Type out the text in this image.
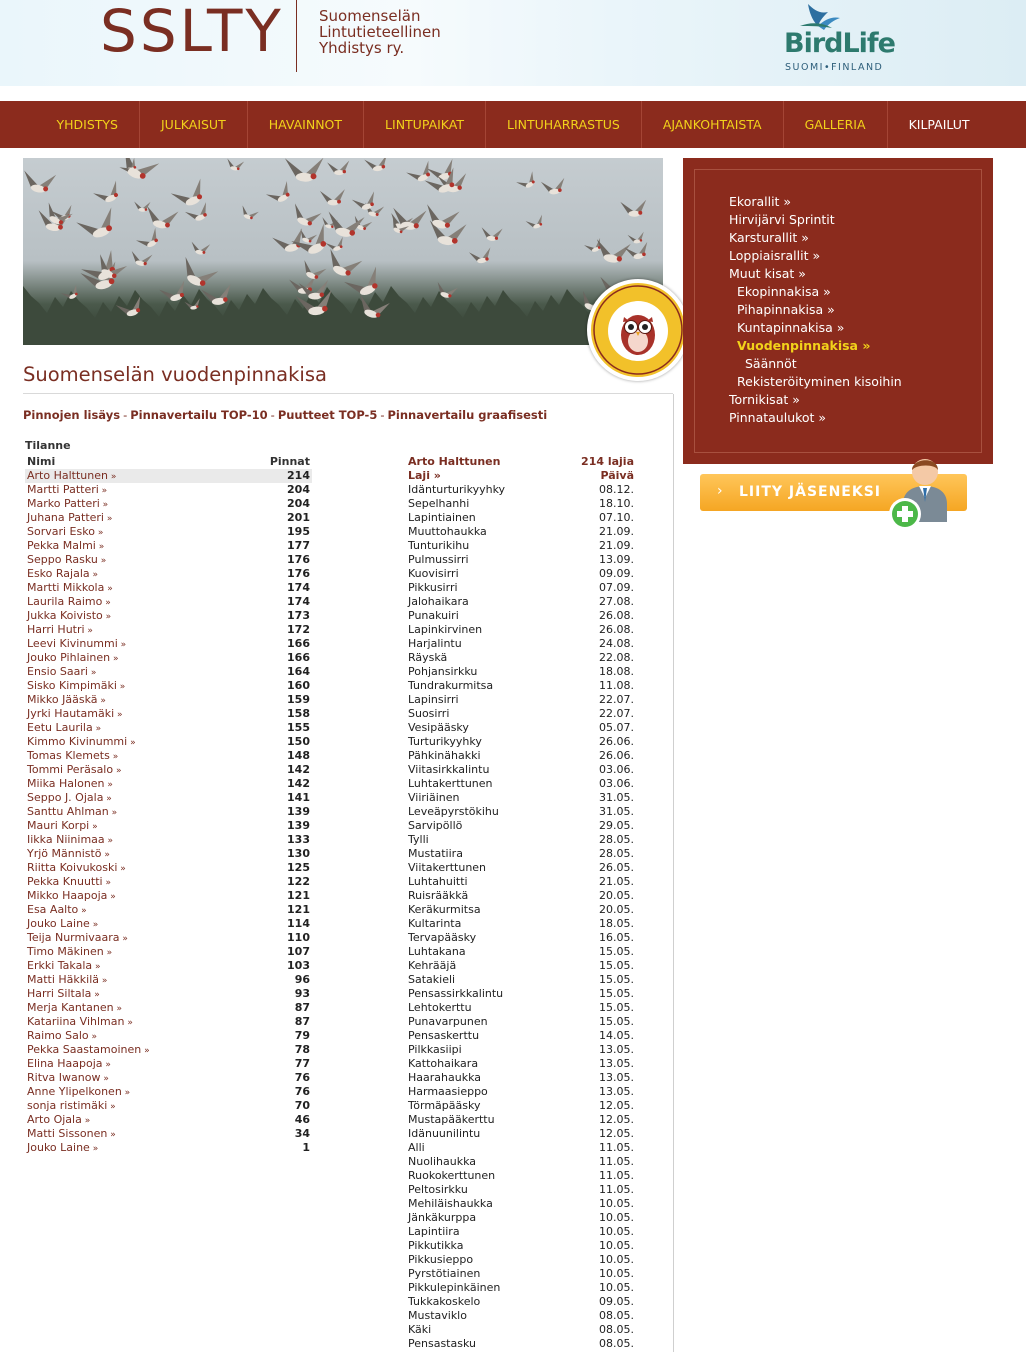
SSLTY Suomenselän
Lintutieteellinen
Yhdistys ry.	BirdLife
SUOMI•FINLAND
YHDISTYS	JULKAISUT	HAVAINNOT	LINTUPAIKAT	LINTUHARRASTUS	AJANKOHTAISTA	GALLERIA	KILPAILUT
Suomenselän vuodenpinnakisa
Pinnojen lisäys - Pinnavertailu TOP-10 - Puutteet TOP-5 - Pinnavertailu graafisesti
Tilanne
Nimi	Pinnat
Arto Halttunen »	214
Martti Patteri »	204
Marko Patteri »	204
Juhana Patteri »	201
Sorvari Esko »	195
Pekka Malmi »	177
Seppo Rasku »	176
Esko Rajala »	176
Martti Mikkola »	174
Laurila Raimo »	174
Jukka Koivisto »	173
Harri Hutri »	172
Leevi Kivinummi »	166
Jouko Pihlainen »	166
Ensio Saari »	164
Sisko Kimpimäki »	160
Mikko Jääskä »	159
Jyrki Hautamäki »	158
Eetu Laurila »	155
Kimmo Kivinummi »	150
Tomas Klemets »	148
Tommi Peräsalo »	142
Miika Halonen »	142
Seppo J. Ojala »	141
Santtu Ahlman »	139
Mauri Korpi »	139
Iikka Niinimaa »	133
Yrjö Männistö »	130
Riitta Koivukoski »	125
Pekka Knuutti »	122
Mikko Haapoja »	121
Esa Aalto »	121
Jouko Laine »	114
Teija Nurmivaara »	110
Timo Mäkinen »	107
Erkki Takala »	103
Matti Häkkilä »	96
Harri Siltala »	93
Merja Kantanen »	87
Katariina Vihlman »	87
Raimo Salo »	79
Pekka Saastamoinen »	78
Elina Haapoja »	77
Ritva Iwanow »	76
Anne Ylipelkonen »	76
sonja ristimäki »	70
Arto Ojala »	46
Matti Sissonen »	34
Jouko Laine »	1
Arto Halttunen	214 lajia
Laji »	Päivä
Idänturturikyyhky	08.12.
Sepelhanhi	18.10.
Lapintiainen	07.10.
Muuttohaukka	21.09.
Tunturikihu	21.09.
Pulmussirri	13.09.
Kuovisirri	09.09.
Pikkusirri	07.09.
Jalohaikara	27.08.
Punakuiri	26.08.
Lapinkirvinen	26.08.
Harjalintu	24.08.
Räyskä	22.08.
Pohjansirkku	18.08.
Tundrakurmitsa	11.08.
Lapinsirri	22.07.
Suosirri	22.07.
Vesipääsky	05.07.
Turturikyyhky	26.06.
Pähkinähakki	26.06.
Viitasirkkalintu	03.06.
Luhtakerttunen	03.06.
Viiriäinen	31.05.
Leveäpyrstökihu	31.05.
Sarvipöllö	29.05.
Tylli	28.05.
Mustatiira	28.05.
Viitakerttunen	26.05.
Luhtahuitti	21.05.
Ruisrääkkä	20.05.
Keräkurmitsa	20.05.
Kultarinta	18.05.
Tervapääsky	16.05.
Luhtakana	15.05.
Kehrääjä	15.05.
Satakieli	15.05.
Pensassirkkalintu	15.05.
Lehtokerttu	15.05.
Punavarpunen	15.05.
Pensaskerttu	14.05.
Pilkkasiipi	13.05.
Kattohaikara	13.05.
Haarahaukka	13.05.
Harmaasieppo	13.05.
Törmäpääsky	12.05.
Mustapääkerttu	12.05.
Idänuunilintu	12.05.
Alli	11.05.
Nuolihaukka	11.05.
Ruokokerttunen	11.05.
Peltosirkku	11.05.
Mehiläishaukka	10.05.
Jänkäkurppa	10.05.
Lapintiira	10.05.
Pikkutikka	10.05.
Pikkusieppo	10.05.
Pyrstötiainen	10.05.
Pikkulepinkäinen	10.05.
Tukkakoskelo	09.05.
Mustaviklo	08.05.
Käki	08.05.
Pensastasku	08.05.
Ekorallit »
Hirvijärvi Sprintit
Karsturallit »
Loppiaisrallit »
Muut kisat »
Ekopinnakisa »
Pihapinnakisa »
Kuntapinnakisa »
Vuodenpinnakisa »
Säännöt
Rekisteröityminen kisoihin
Tornikisat »
Pinnataulukot »
› LIITY JÄSENEKSI
